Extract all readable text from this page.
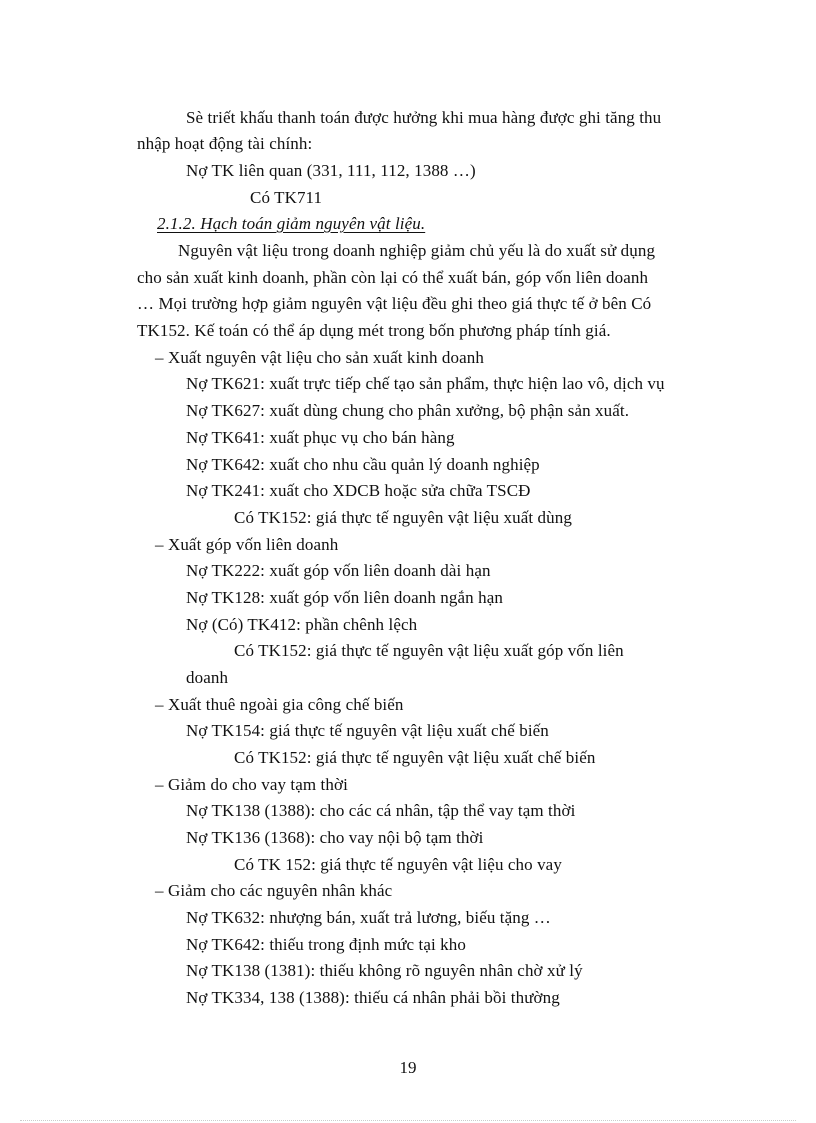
Sè triết khấu thanh toán được hưởng khi mua hàng được ghi tăng thu
nhập hoạt động tài chính:
Nợ TK liên quan (331, 111, 112, 1388 …)
Có TK711
2.1.2. Hạch toán giảm nguyên vật liệu.
Nguyên vật liệu trong doanh nghiệp giảm chủ yếu là do xuất sử dụng
cho sản xuất kinh doanh, phần còn lại có thể xuất bán, góp vốn liên doanh
… Mọi trường hợp giảm nguyên vật liệu đều ghi theo giá thực tế ở bên Có
TK152. Kế toán có thể áp dụng mét trong bốn phương pháp tính giá.
– Xuất nguyên vật liệu cho sản xuất kinh doanh
Nợ TK621: xuất trực tiếp chế tạo sản phẩm, thực hiện lao vô, dịch vụ
Nợ TK627: xuất dùng chung cho phân xưởng, bộ phận sản xuất.
Nợ TK641: xuất phục vụ cho bán hàng
Nợ TK642: xuất cho nhu cầu quản lý doanh nghiệp
Nợ TK241: xuất cho XDCB hoặc sửa chữa TSCĐ
Có TK152: giá thực tế nguyên vật liệu xuất dùng
– Xuất góp vốn liên doanh
Nợ TK222: xuất góp vốn liên doanh dài hạn
Nợ TK128: xuất góp vốn liên doanh ngắn hạn
Nợ (Có) TK412: phần chênh lệch
Có TK152: giá thực tế nguyên vật liệu xuất góp vốn liên
doanh
– Xuất thuê ngoài gia công chế biến
Nợ TK154: giá thực tế nguyên vật liệu xuất chế biến
Có TK152: giá thực tế nguyên vật liệu xuất chế biến
– Giảm do cho vay tạm thời
Nợ TK138 (1388): cho các cá nhân, tập thể vay tạm thời
Nợ TK136 (1368): cho vay nội bộ tạm thời
Có TK 152: giá thực tế nguyên vật liệu cho vay
– Giảm cho các nguyên nhân khác
Nợ TK632: nhượng bán, xuất trả lương, biếu tặng …
Nợ TK642: thiếu trong định mức tại kho
Nợ TK138 (1381): thiếu không rõ nguyên nhân chờ xử lý
Nợ TK334, 138 (1388): thiếu cá nhân phải bồi thường
19
